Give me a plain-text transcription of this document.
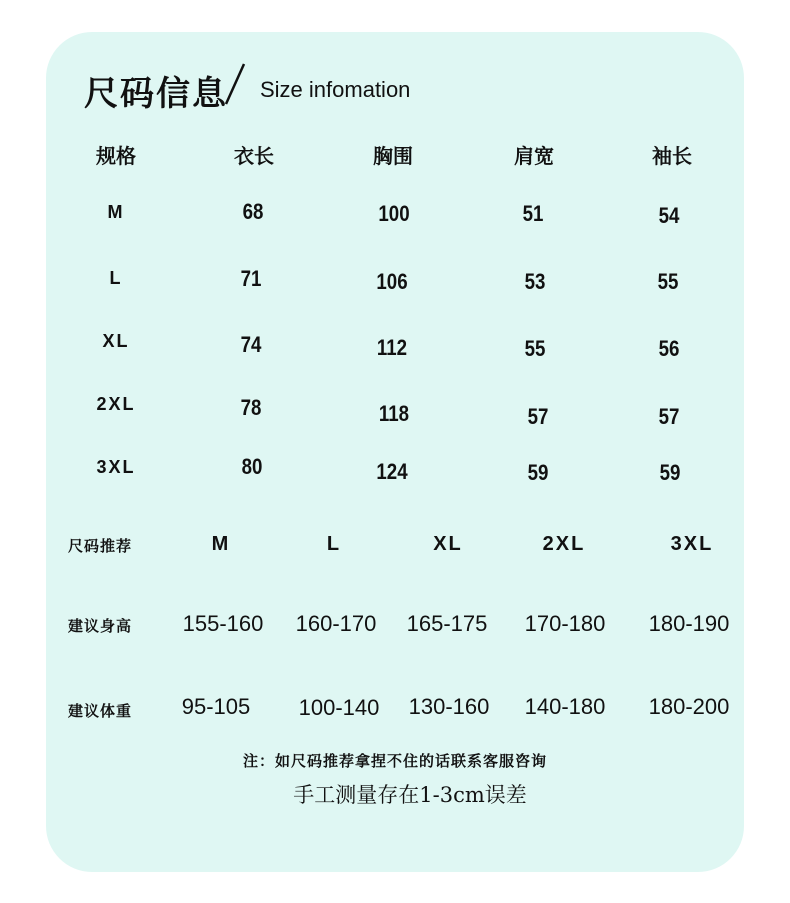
尺码信息 Size infomation
规格	衣长	胸围	肩宽	袖长
M	68	100	51	54
L	71	106	53	55
XL	74	112	55	56
2XL	78	118	57	57
3XL	80	124	59	59
尺码推荐	M	L	XL	2XL	3XL
建议身高 155-160 160-170 165-175 170-180 180-190
建议体重 95-105 100-140 130-160 140-180 180-200
注：如尺码推荐拿捏不住的话联系客服咨询
手工测量存在1-3cm误差
